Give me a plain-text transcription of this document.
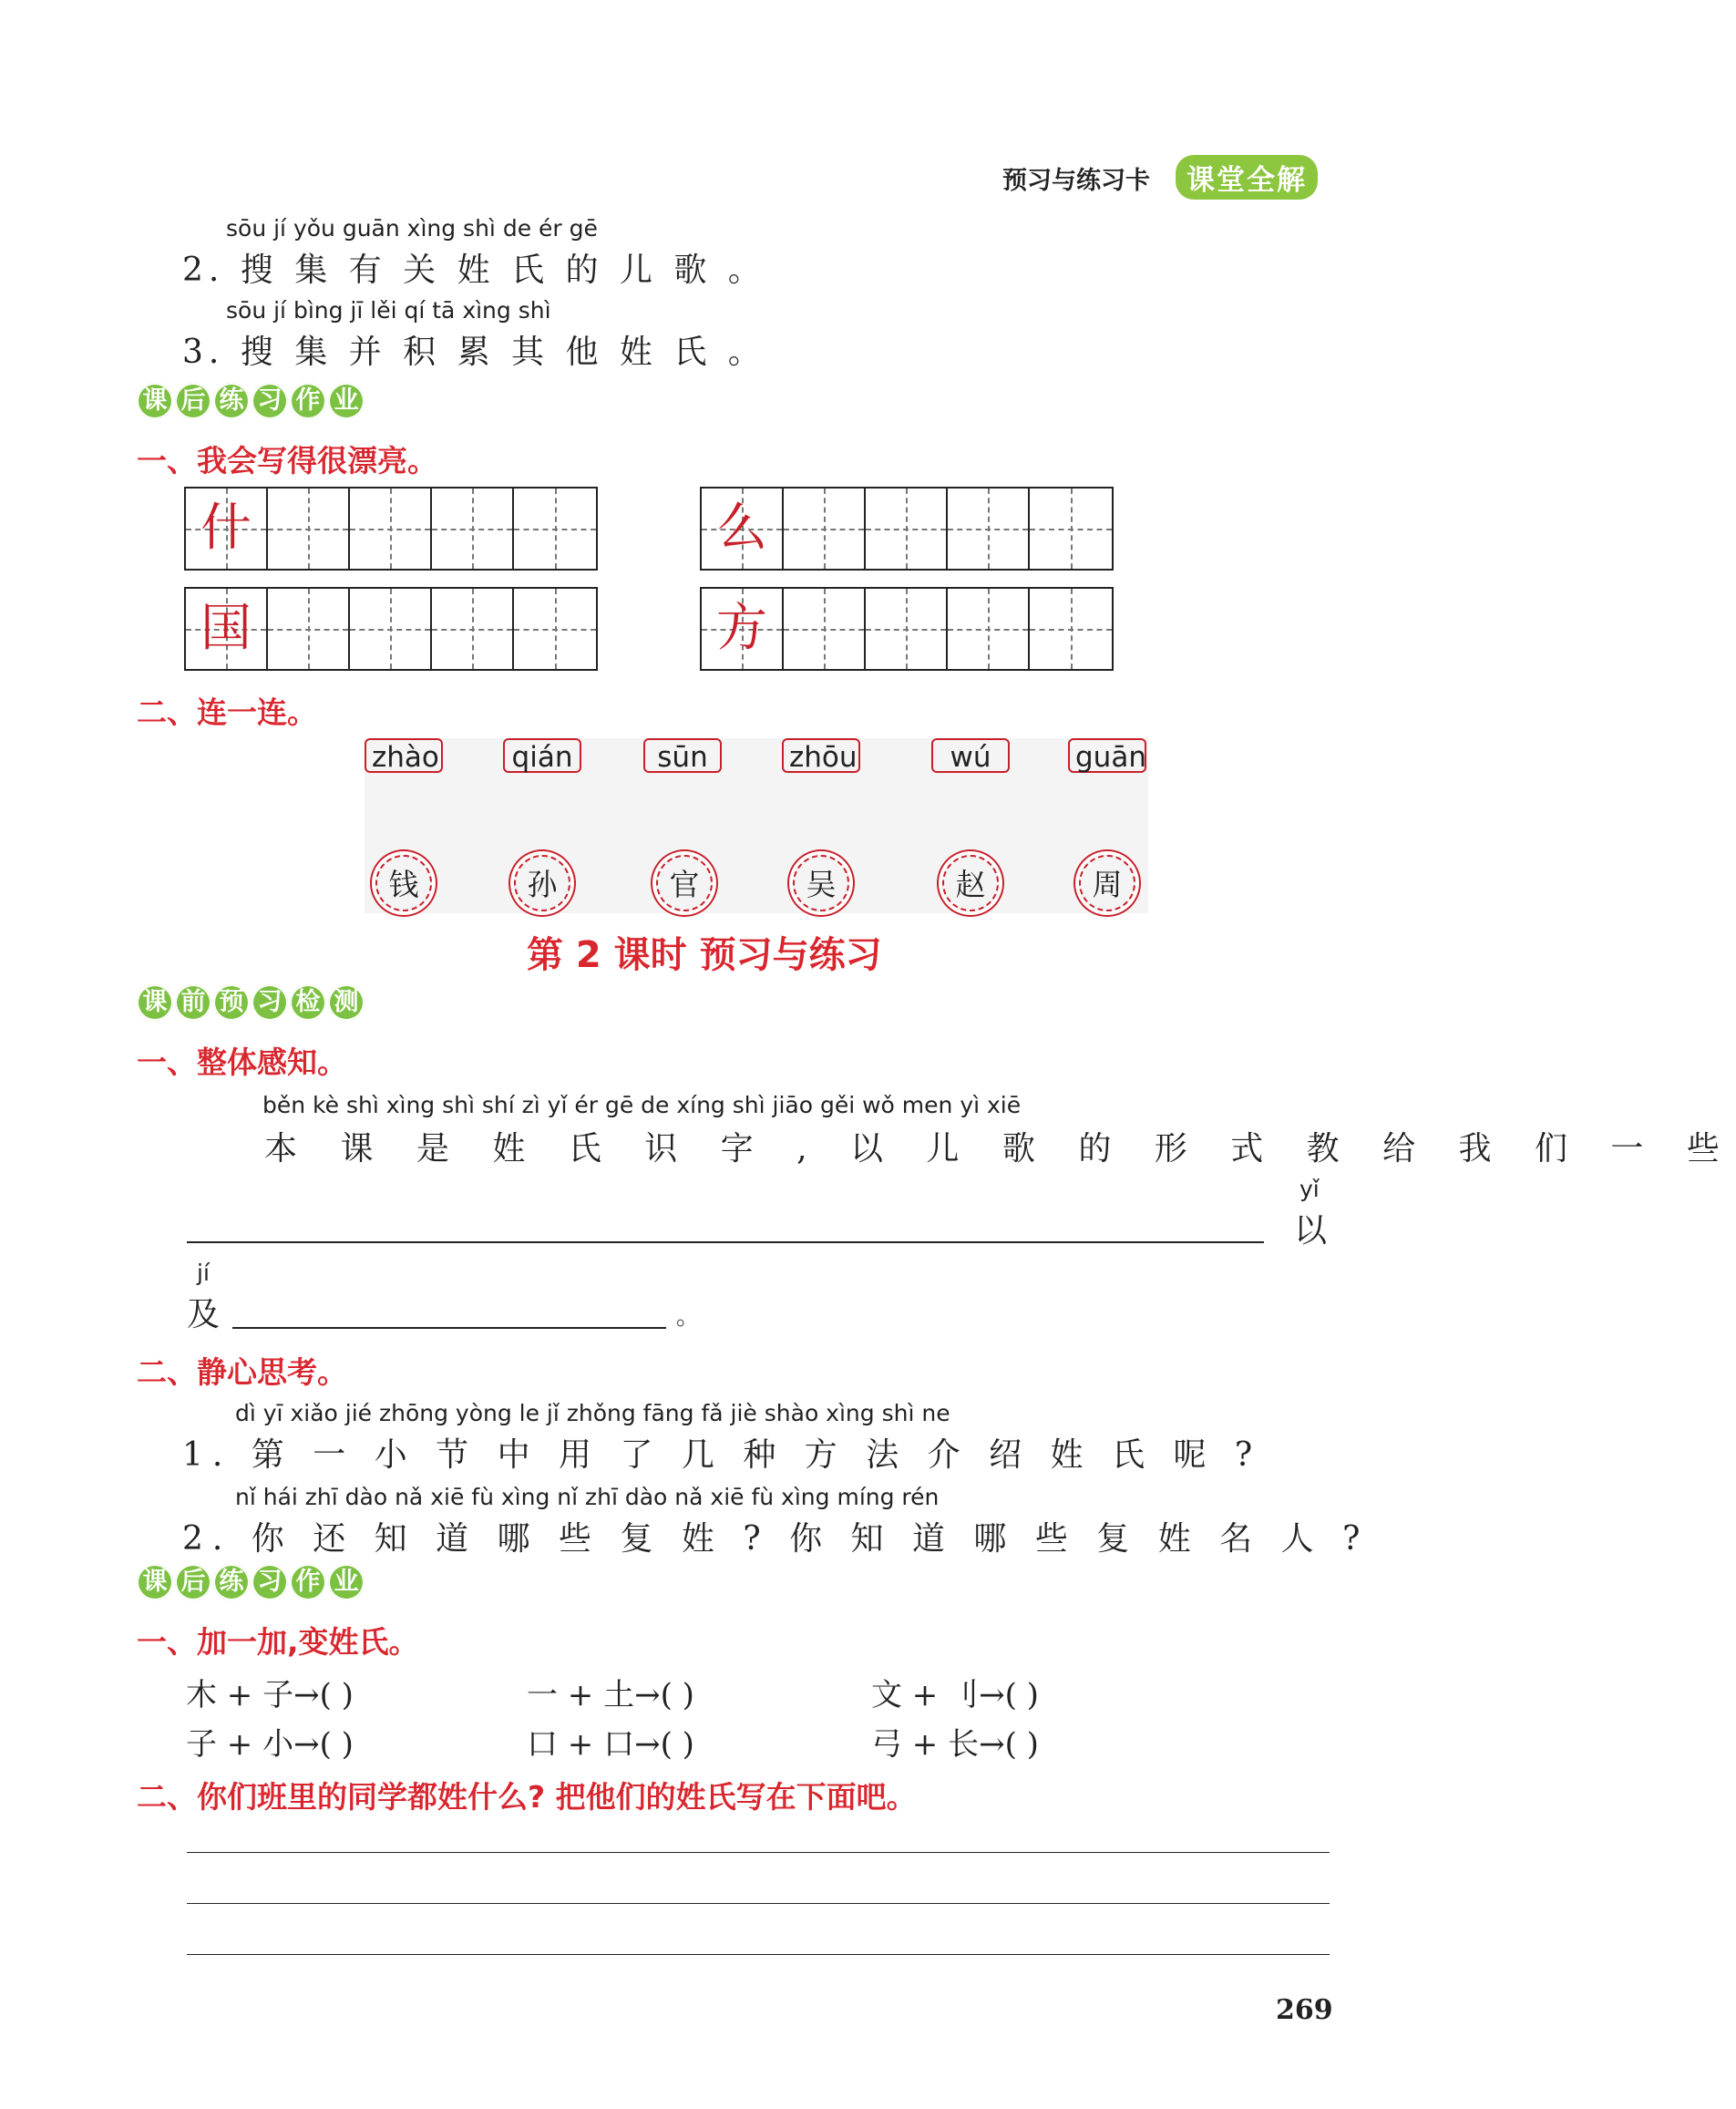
预习与练习卡	课堂全解
sōu jí yǒu guān xìng shì de ér gē
2. 搜 集 有 关 姓 氏 的 儿 歌 。
sōu jí bìng jī lěi qí tā xìng shì
3. 搜 集 并 积 累 其 他 姓 氏 。
课 后 练 习 作 业
一、我会写得很漂亮。
什	么
国	方
二、连一连。
zhào	qián	sūn	zhōu	wú	guān
钱	孙	官	吴	赵	周
第 2 课时 预习与练习
课 前 预 习 检 测
一、整体感知。
běn kè shì xìng shì shí zì yǐ ér gē de xíng shì jiāo gěi wǒ men yì xiē
本 课 是 姓 氏 识 字 , 以 儿 歌 的 形 式 教 给 我 们 一 些
yǐ
以
jí
及	。
二、静心思考。
dì yī xiǎo jié zhōng yòng le jǐ zhǒng fāng fǎ jiè shào xìng shì ne
1. 第 一 小 节 中 用 了 几 种 方 法 介 绍 姓 氏 呢 ?
nǐ hái zhī dào nǎ xiē fù xìng nǐ zhī dào nǎ xiē fù xìng míng rén
2. 你 还 知 道 哪 些 复 姓 ? 你 知 道 哪 些 复 姓 名 人 ?
课 后 练 习 作 业
一、加一加,变姓氏。
木 + 子→( )	一 + 土→( )	文 + 刂→( )
子 + 小→( )	口 + 口→( )	弓 + 长→( )
二、你们班里的同学都姓什么? 把他们的姓氏写在下面吧。
269
